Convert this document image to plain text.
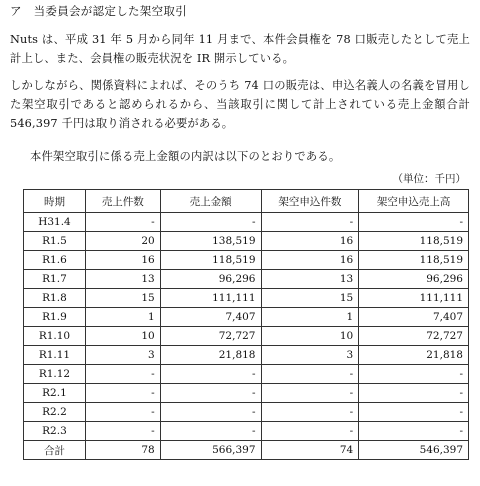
ア　当委員会が認定した架空取引
Nuts は、平成 31 年 5 月から同年 11 月まで、本件会員権を 78 口販売したとして売上計上し、また、会員権の販売状況を IR 開示している。
しかしながら、関係資料によれば、そのうち 74 口の販売は、申込名義人の名義を冒用した架空取引であると認められるから、当該取引に関して計上されている売上金額合計 546,397 千円は取り消される必要がある。
本件架空取引に係る売上金額の内訳は以下のとおりである。
（単位：千円）
時期	売上件数	売上金額	架空申込件数	架空申込売上高
H31.4	-	-	-	-
R1.5	20	138,519	16	118,519
R1.6	16	118,519	16	118,519
R1.7	13	96,296	13	96,296
R1.8	15	111,111	15	111,111
R1.9	1	7,407	1	7,407
R1.10	10	72,727	10	72,727
R1.11	3	21,818	3	21,818
R1.12	-	-	-	-
R2.1	-	-	-	-
R2.2	-	-	-	-
R2.3	-	-	-	-
合計	78	566,397	74	546,397
